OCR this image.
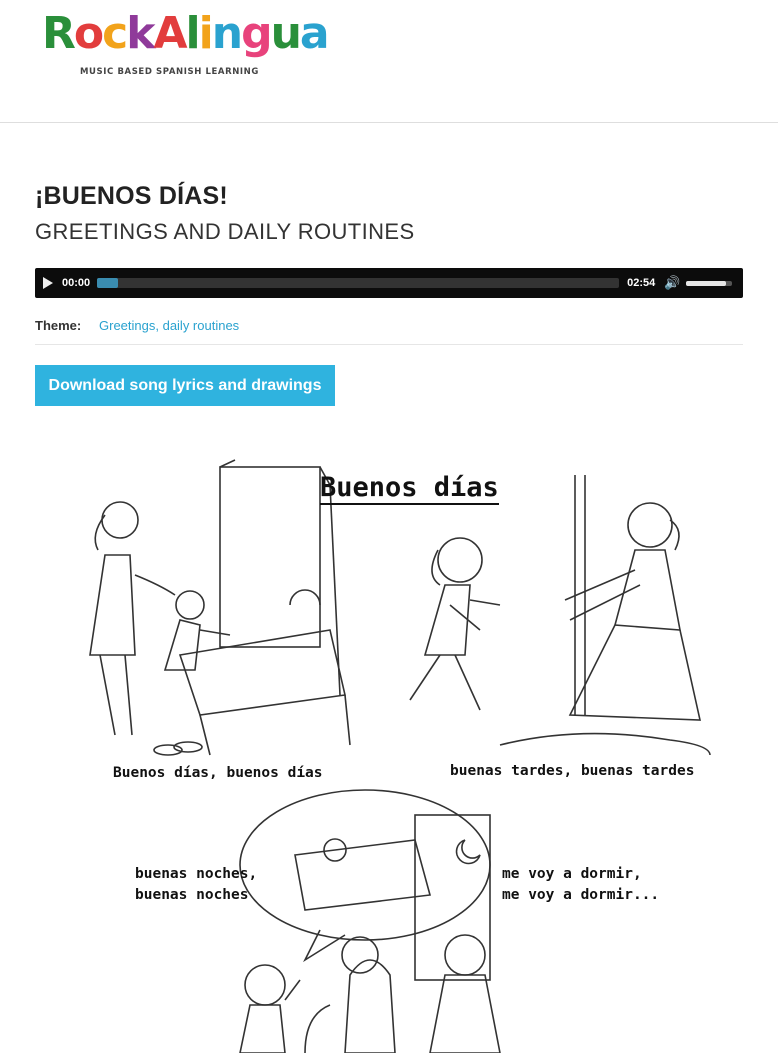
R o c k A l i n g u a
MUSIC BASED SPANISH LEARNING
¡BUENOS DÍAS!
GREETINGS AND DAILY ROUTINES
00:00	02:54 🔊
Theme: Greetings, daily routines
Download song lyrics and drawings
Buenos días
Buenos días, buenos días	buenas tardes, buenas tardes
buenas noches,
buenas noches
me voy a dormir,
me voy a dormir...
